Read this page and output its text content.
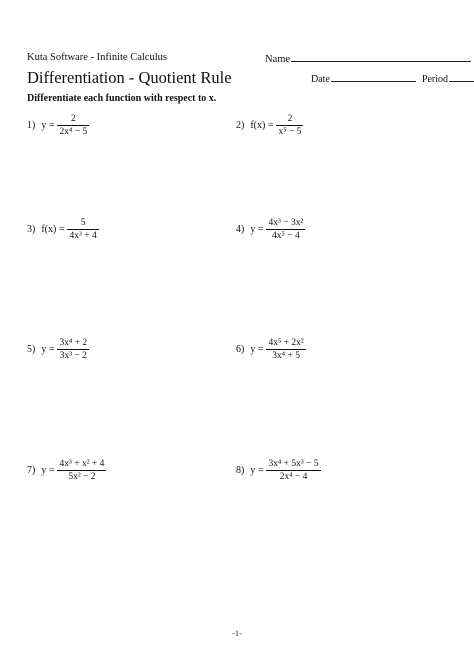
Kuta Software - Infinite Calculus	Name
Differentiation - Quotient Rule	Date	Period
Differentiate each function with respect to x.
1) $y = \frac{2}{\text{2x⁴ − 5}}$	2) $f(x) = \frac{2}{\text{x⁵ − 5}}$
3) $f(x) = \frac{5}{\text{4x³ + 4}}$	4) $y = \frac{\text{4x³ − 3x²}}{\text{4x⁵ − 4}}$
5) $y = \frac{\text{3x⁴ + 2}}{\text{3x³ − 2}}$	6) $y = \frac{\text{4x⁵ + 2x²}}{\text{3x⁴ + 5}}$
7) $y = \frac{\text{4x³ + x² + 4}}{\text{5x² − 2}}$	8) $y = \frac{\text{3x⁴ + 5x³ − 5}}{\text{2x⁴ − 4}}$
-1-
